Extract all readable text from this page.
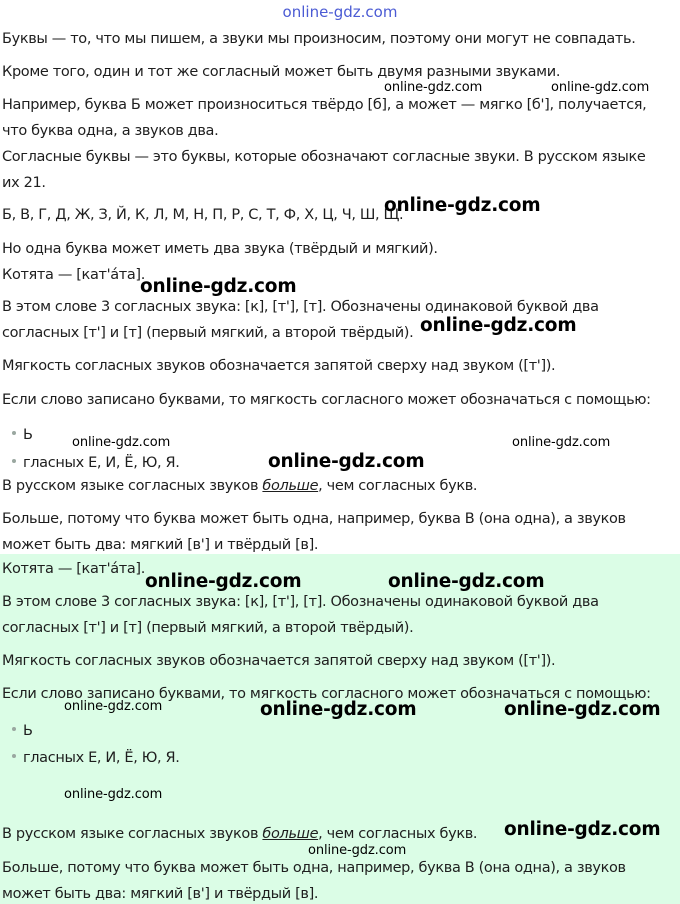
online-gdz.com

Буквы — то, что мы пишем, а звуки мы произносим, поэтому они могут не совпадать.

Кроме того, один и тот же согласный может быть двумя разными звуками.

Например, буква Б может произноситься твёрдо [б], а может — мягко [б'], получается,

что буква одна, а звуков два.

Согласные буквы — это буквы, которые обозначают согласные звуки. В русском языке

их 21.

Б, В, Г, Д, Ж, З, Й, К, Л, М, Н, П, Р, С, Т, Ф, Х, Ц, Ч, Ш, Щ.

Но одна буква может иметь два звука (твёрдый и мягкий).

Котята — [кат'áта].

В этом слове 3 согласных звука: [к], [т'], [т]. Обозначены одинаковой буквой два

согласных [т'] и [т] (первый мягкий, а второй твёрдый).

Мягкость согласных звуков обозначается запятой сверху над звуком ([т']).

Если слово записано буквами, то мягкость согласного может обозначаться с помощью:

Ь

гласных Е, И, Ё, Ю, Я.

В русском языке согласных звуков больше, чем согласных букв.

Больше, потому что буква может быть одна, например, буква В (она одна), а звуков

может быть два: мягкий [в'] и твёрдый [в].

Котята — [кат'áта].

В этом слове 3 согласных звука: [к], [т'], [т]. Обозначены одинаковой буквой два

согласных [т'] и [т] (первый мягкий, а второй твёрдый).

Мягкость согласных звуков обозначается запятой сверху над звуком ([т']).

Если слово записано буквами, то мягкость согласного может обозначаться с помощью:

Ь

гласных Е, И, Ё, Ю, Я.

В русском языке согласных звуков больше, чем согласных букв.

Больше, потому что буква может быть одна, например, буква В (она одна), а звуков

может быть два: мягкий [в'] и твёрдый [в].

online-gdz.com	online-gdz.com
online-gdz.com
online-gdz.com
online-gdz.com
online-gdz.com	online-gdz.com
online-gdz.com
online-gdz.com	online-gdz.com
online-gdz.com	online-gdz.com	online-gdz.com
online-gdz.com
online-gdz.com
online-gdz.com
